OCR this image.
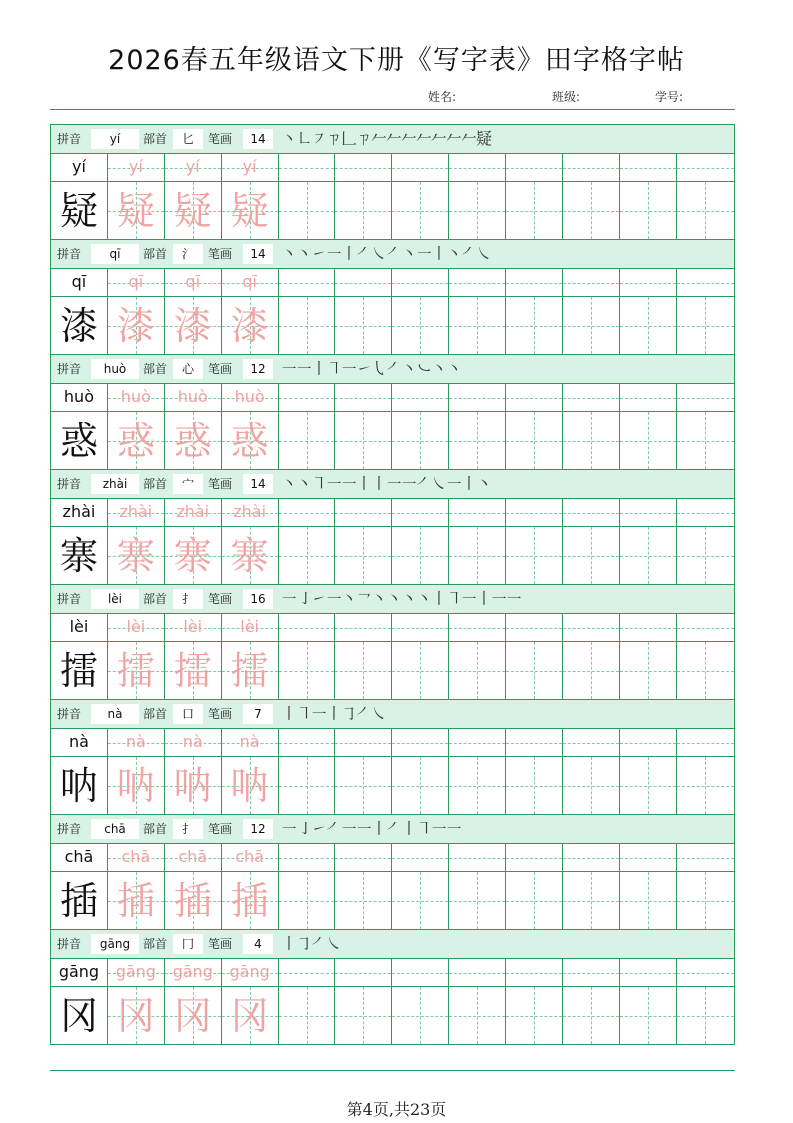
2026春五年级语文下册《写字表》田字格字帖
姓名:	班级:	学号:
拼音	yí	部首	匕	笔画	14 丶㇗㇇ㄗ𠃊ㄗ𠂉𠂉𠂉𠂉𠂉𠂉𠂉疑
yí	yí	yí	yí
疑 疑 疑 疑
拼音	qī	部首	氵	笔画	14 丶丶㇀㇐㇑㇒㇏㇒丶㇐㇑丶㇒㇏
qī	qī	qī	qī
漆 漆 漆 漆
拼音	huò	部首	心	笔画	12 ㇐㇐㇑㇕㇐㇀㇂㇒丶㇃丶丶
huò	huò	huò	huò
惑 惑 惑 惑
拼音	zhài	部首	宀	笔画	14 丶丶㇕㇐㇐㇑㇑㇐㇐㇒㇏㇐㇑丶
zhài	zhài	zhài	zhài
寨 寨 寨 寨
拼音	lèi	部首	扌	笔画	16 ㇐㇚㇀㇐丶㇖丶丶丶丶㇑㇕㇐㇑㇐㇐
lèi	lèi	lèi	lèi
擂 擂 擂 擂
拼音	nà	部首	口	笔画	7	㇑㇕㇐㇑㇆㇒㇏
nà	nà	nà	nà
呐 呐 呐 呐
拼音	chā	部首	扌	笔画	12 ㇐㇚㇀㇒㇐㇐㇑㇒㇑㇕㇐㇐
chā	chā	chā	chā
插 插 插 插
拼音	gāng	部首	冂	笔画	4	㇑㇆㇒㇏
gāng	gāng	gāng	gāng
冈 冈 冈 冈
第4页,共23页
